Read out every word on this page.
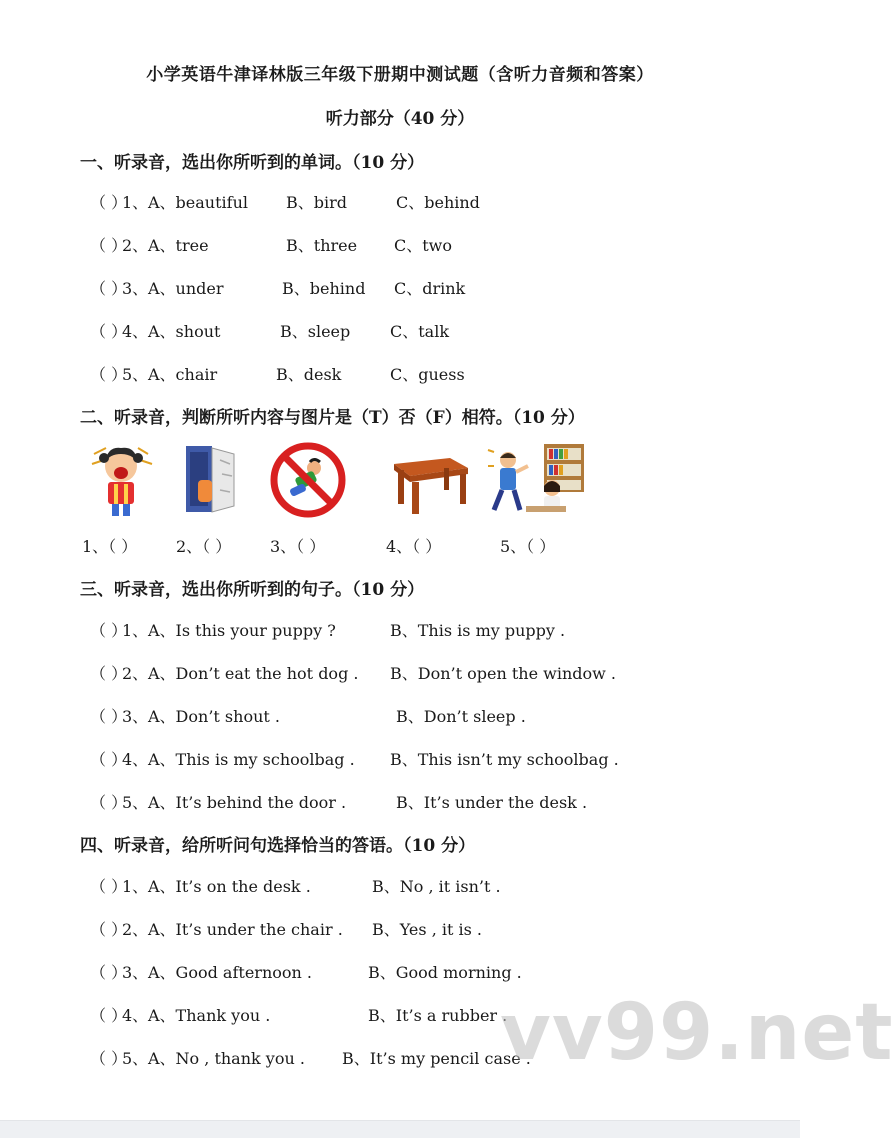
小学英语牛津译林版三年级下册期中测试题（含听力音频和答案）
听力部分（40 分）
一、听录音，选出你所听到的单词。（10 分）
（ ）
1、 A、beautiful B、bird	C、behind
（ ）
2、 A、tree	B、three C、two
（ ）
3、 A、under	B、behind C、drink
（ ）
4、 A、shout	B、sleep C、talk
（ ）
5、 A、chair	B、desk	C、guess
二、听录音，判断所听内容与图片是（T）否（F）相符。（10 分）
1、（ ） 2、（ ） 3、（ ）	4、（ ）	5、（ ）
三、听录音，选出你所听到的句子。（10 分）
（ ）
1、 A、Is this your puppy ?	B、This is my puppy .
（ ）
2、 A、Don’t eat the hot dog . B、Don’t open the window .
（ ）
3、 A、Don’t shout .	B、Don’t sleep .
（ ）
4、 A、This is my schoolbag . B、This isn’t my schoolbag .
（ ）
5、 A、It’s behind the door .	B、It’s under the desk .
四、听录音，给所听问句选择恰当的答语。（10 分）
（ ）
1、 A、It’s on the desk .	B、No , it isn’t .
（ ）
2、 A、It’s under the chair . B、Yes , it is .
（ ）
3、 A、Good afternoon .	B、Good morning .
（ ）
4、 A、Thank you .	B、It’s a rubber .
（ ）
5、 A、No , thank you . B、It’s my pencil case .
vv99.net
